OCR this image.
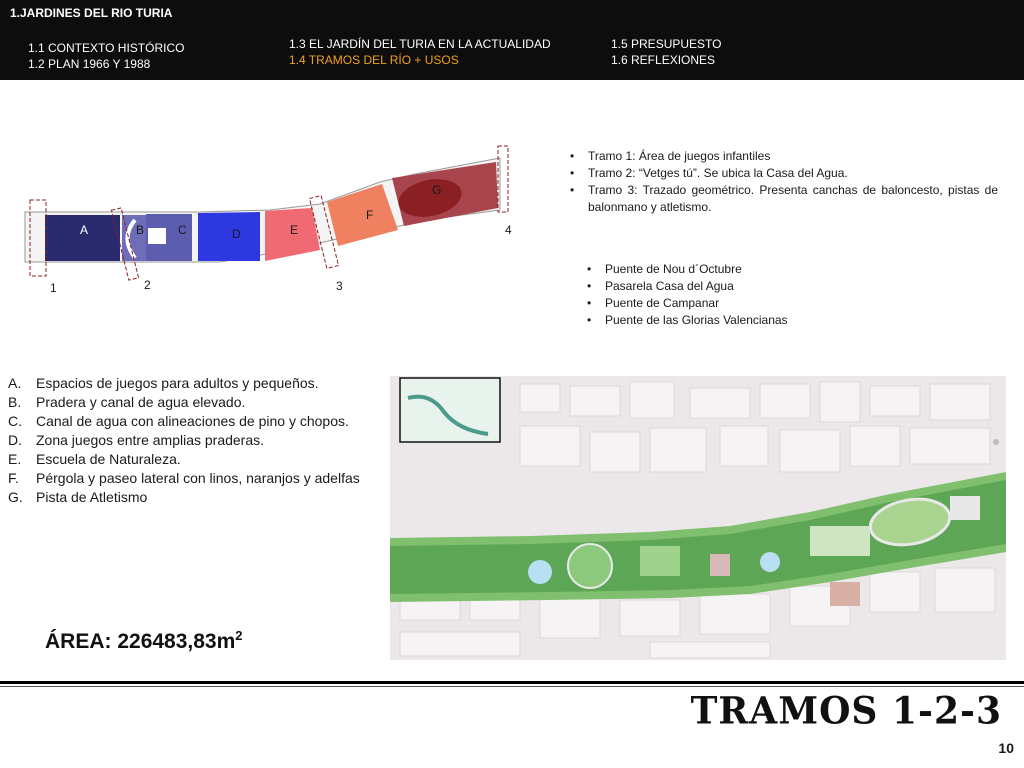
1.JARDINES DEL RIO TURIA
1.1 CONTEXTO HISTÓRICO
1.2 PLAN 1966 Y 1988
1.3 EL JARDÍN DEL TURIA EN LA ACTUALIDAD
1.4 TRAMOS DEL RÍO + USOS
1.5 PRESUPUESTO
1.6 REFLEXIONES
A	B	C	D	E
F
G
1	2	3
4
• Tramo 1: Área de juegos infantiles
• Tramo 2: “Vetges tú”. Se ubica la Casa del Agua.
• Tramo 3: Trazado geométrico. Presenta canchas de baloncesto, pistas de balonmano y atletismo.
• Puente de Nou d´Octubre
• Pasarela Casa del Agua
• Puente de Campanar
• Puente de las Glorias Valencianas
A.	Espacios de juegos para adultos y pequeños.
B.	Pradera y canal de agua elevado.
C.	Canal de agua con alineaciones de pino y chopos.
D.	Zona juegos entre amplias praderas.
E.	Escuela de Naturaleza.
F.	Pérgola y paseo lateral con linos, naranjos y adelfas
G. Pista de Atletismo
ÁREA: $226483,83m^2$
TRAMOS 1-2-3
10
